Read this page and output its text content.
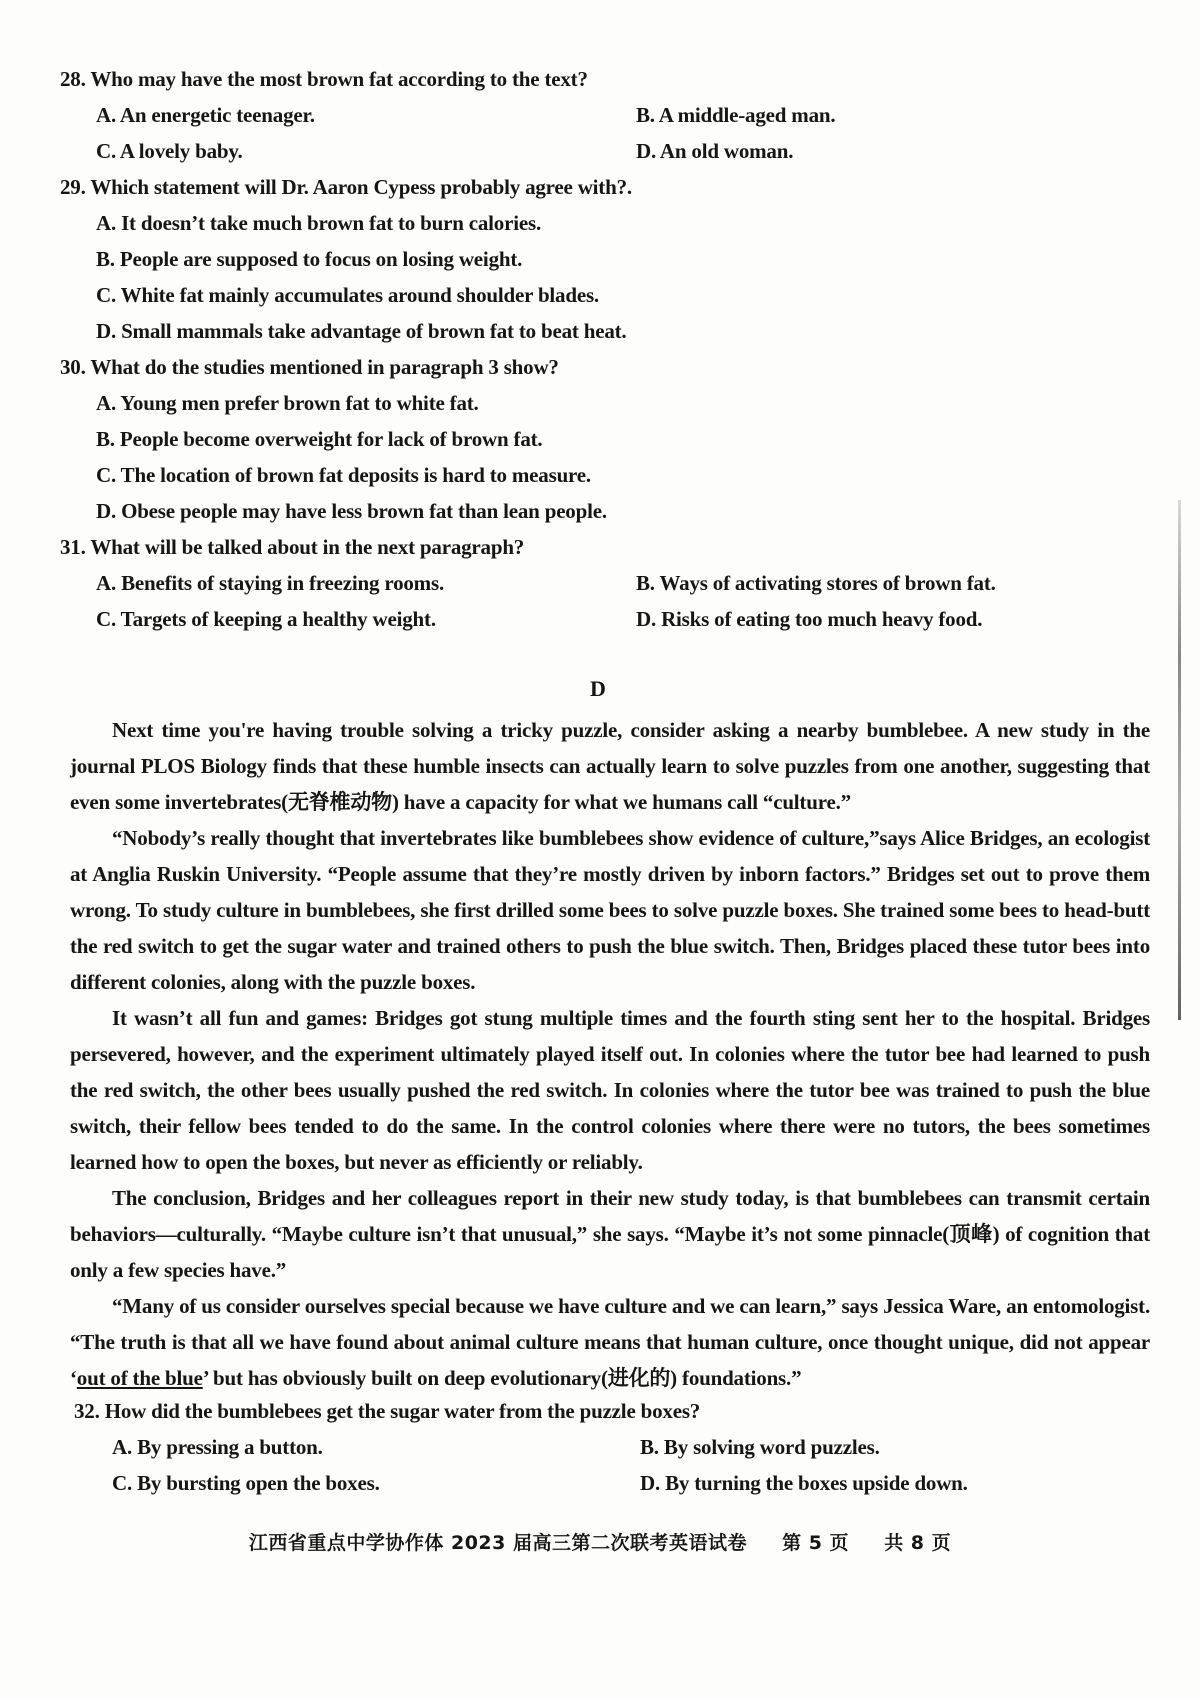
28. Who may have the most brown fat according to the text?
A. An energetic teenager.	B. A middle-aged man.
C. A lovely baby.	D. An old woman.
29. Which statement will Dr. Aaron Cypess probably agree with?.
A. It doesn’t take much brown fat to burn calories.
B. People are supposed to focus on losing weight.
C. White fat mainly accumulates around shoulder blades.
D. Small mammals take advantage of brown fat to beat heat.
30. What do the studies mentioned in paragraph 3 show?
A. Young men prefer brown fat to white fat.
B. People become overweight for lack of brown fat.
C. The location of brown fat deposits is hard to measure.
D. Obese people may have less brown fat than lean people.
31. What will be talked about in the next paragraph?
A. Benefits of staying in freezing rooms.	B. Ways of activating stores of brown fat.
C. Targets of keeping a healthy weight.	D. Risks of eating too much heavy food.
D
Next time you're having trouble solving a tricky puzzle, consider asking a nearby bumblebee. A new study in the journal PLOS Biology finds that these humble insects can actually learn to solve puzzles from one another, suggesting that even some invertebrates(无脊椎动物) have a capacity for what we humans call “culture.”
“Nobody’s really thought that invertebrates like bumblebees show evidence of culture,”says Alice Bridges, an ecologist at Anglia Ruskin University. “People assume that they’re mostly driven by inborn factors.” Bridges set out to prove them wrong. To study culture in bumblebees, she first drilled some bees to solve puzzle boxes. She trained some bees to head-butt the red switch to get the sugar water and trained others to push the blue switch. Then, Bridges placed these tutor bees into different colonies, along with the puzzle boxes.
It wasn’t all fun and games: Bridges got stung multiple times and the fourth sting sent her to the hospital. Bridges persevered, however, and the experiment ultimately played itself out. In colonies where the tutor bee had learned to push the red switch, the other bees usually pushed the red switch. In colonies where the tutor bee was trained to push the blue switch, their fellow bees tended to do the same. In the control colonies where there were no tutors, the bees sometimes learned how to open the boxes, but never as efficiently or reliably.
The conclusion, Bridges and her colleagues report in their new study today, is that bumblebees can transmit certain behaviors—culturally. “Maybe culture isn’t that unusual,” she says. “Maybe it’s not some pinnacle(顶峰) of cognition that only a few species have.”
“Many of us consider ourselves special because we have culture and we can learn,” says Jessica Ware, an entomologist. “The truth is that all we have found about animal culture means that human culture, once thought unique, did not appear ‘out of the blue’ but has obviously built on deep evolutionary(进化的) foundations.”
32. How did the bumblebees get the sugar water from the puzzle boxes?
A. By pressing a button.	B. By solving word puzzles.
C. By bursting open the boxes.	D. By turning the boxes upside down.
江西省重点中学协作体 2023 届高三第二次联考英语试卷 第 5 页 共 8 页
